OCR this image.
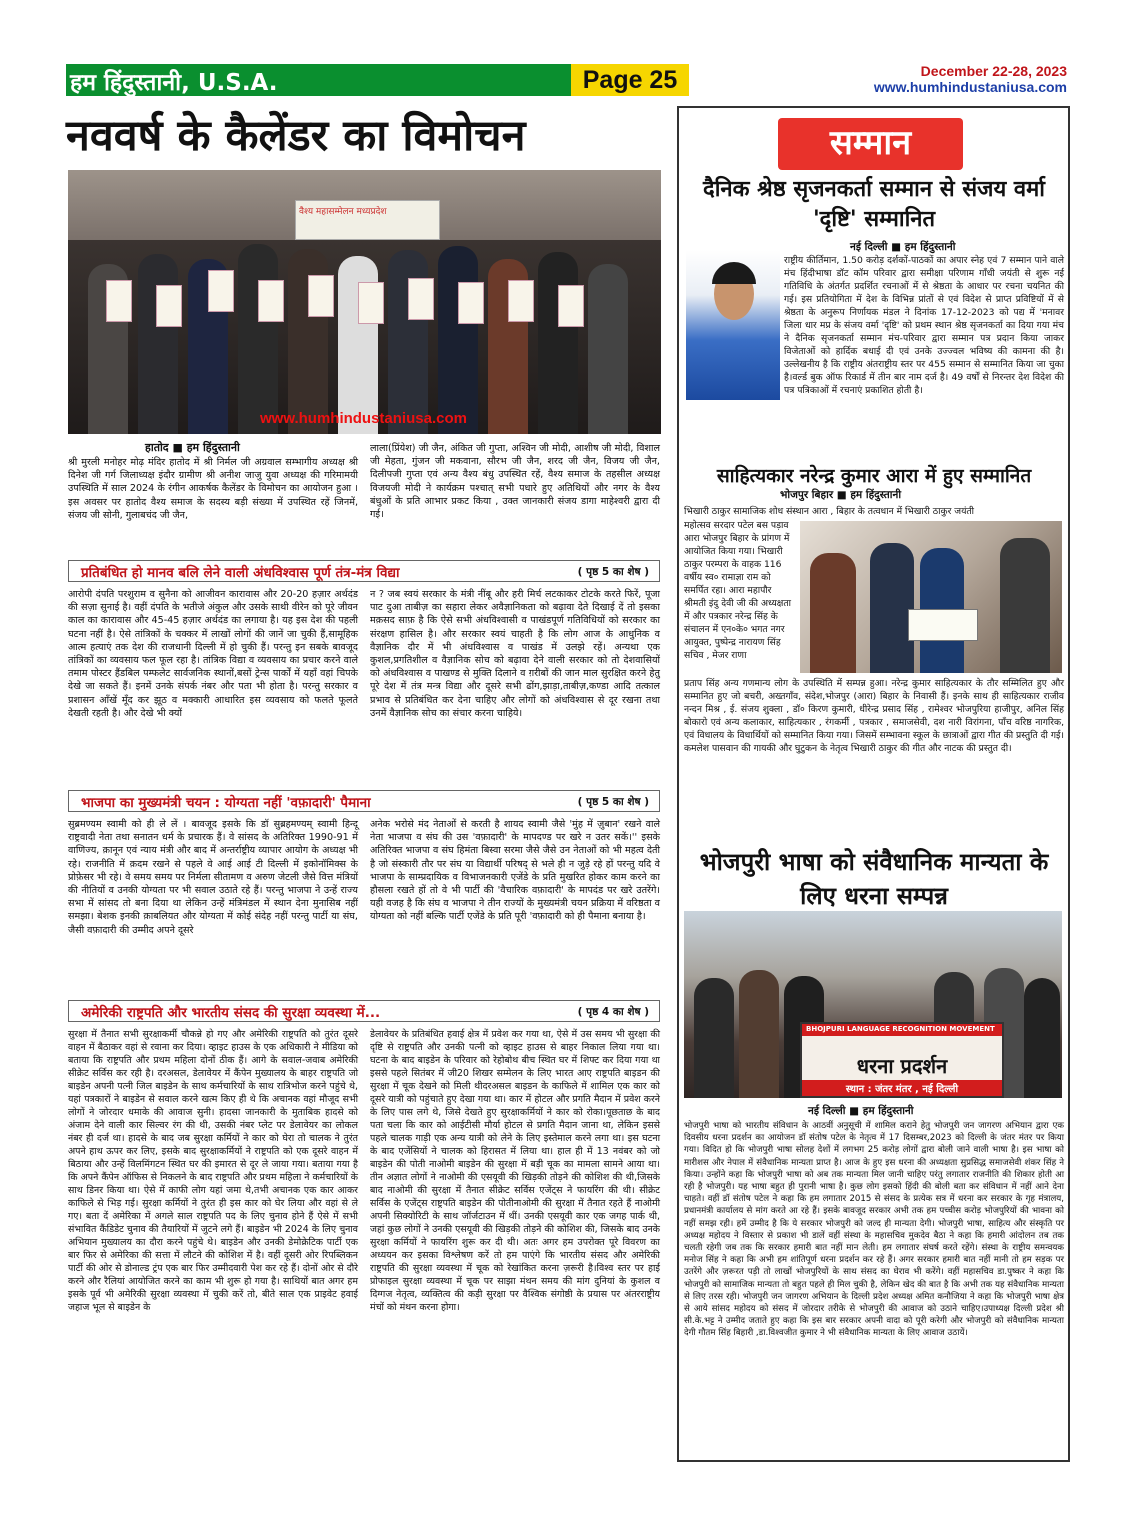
हम हिंदुस्तानी, U.S.A.	Page 25	December 22-28, 2023
www.humhindustaniusa.com
नववर्ष के कैलेंडर का विमोचन
वैश्य महासम्मेलन मध्यप्रदेश
www.humhindustaniusa.com
हातोद ■ हम हिंदुस्तानी
श्री मुरली मनोहर मोढ़ मंदिर हातोद में श्री निर्मल जी अग्रवाल सम्भागीय अध्यक्ष श्री दिनेश जी गर्ग जिलाध्यक्ष इंदौर ग्रामीण श्री अनीश जाजु युवा अध्यक्ष की गरिमामयी उपस्थिति में साल 2024 के रंगीन आकर्षक कैलेंडर के विमोचन का आयोजन हुआ । इस अवसर पर हातोद वैश्य समाज के सदस्य बड़ी संख्या में उपस्थित रहें जिनमें, संजय जी सोनी, गुलाबचंद जी जैन,
लाला(प्रिंयेश) जी जैन, अंकित जी गुप्ता, अश्विन जी मोदी, आशीष जी मोदी, विशाल जी मेहता, गुंजन जी मकवाना, सौरभ जी जैन, शरद जी जैन, विजय जी जैन, दिलीपजी गुप्ता एवं अन्य वैश्य बंधु उपस्थित रहें, वैश्य समाज के तहसील अध्यक्ष विजयजी मोदी ने कार्यक्रम पश्चात् सभी पधारे हुए अतिथियों और नगर के वैश्य बंधुओं के प्रति आभार प्रकट किया , उक्त जानकारी संजय डागा माहेश्वरी द्वारा दी गई।
प्रतिबंधित हो मानव बलि लेने वाली अंधविश्वास पूर्ण तंत्र-मंत्र विद्या	( पृष्ठ 5 का शेष )
आरोपी दंपति परशुराम व सुनैना को आजीवन कारावास और 20-20 हज़ार अर्थदंड की सज़ा सुनाई है। वहीं दंपति के भतीजे अंकुल और उसके साथी वीरेन को पूरे जीवन काल का कारावास और 45-45 हज़ार अर्थदंड का लगाया है। यह इस देश की पहली घटना नहीं है। ऐसे तांत्रिकों के चक्कर में लाखों लोगों की जानें जा चुकी हैं,सामूहिक आत्म हत्याएं तक देश की राजधानी दिल्ली में हो चुकी हैं। परन्तु इन सबके बावजूद तांत्रिकों का व्यवसाय फल फूल रहा है। तांत्रिक विद्या व व्यवसाय का प्रचार करने वाले तमाम पोस्टर हैंडबिल पम्फलेट सार्वजनिक स्थानों,बसों ट्रेन्स पार्कों में यहाँ वहां चिपके देखे जा सकते हैं। इनमें उनके संपर्क नंबर और पता भी होता है। परन्तु सरकार व प्रशासन आँखें मूँद कर झूठ व मक्कारी आधारित इस व्यवसाय को फलते फूलते देखती रहती है। और देखे भी क्यों
न ? जब स्वयं सरकार के मंत्री नींबू और हरी मिर्च लटकाकर टोटके करते फिरें, पूजा पाट दुआ ताबीज़ का सहारा लेकर अवैज्ञानिकता को बढ़ावा देते दिखाई दें तो इसका मक़सद साफ़ है कि ऐसे सभी अंधविश्वासी व पाखंडपूर्ण गतिविधियों को सरकार का संरक्षण हासिल है। और सरकार स्वयं चाहती है कि लोग आज के आधुनिक व वैज्ञानिक दौर में भी अंधविश्वास व पाखंड में उलझे रहें। अन्यथा एक कुशल,प्रगतिशील व वैज्ञानिक सोच को बढ़ावा देने वाली सरकार को तो देशवासियों को अंधविश्वास व पाखण्ड से मुक्ति दिलाने व ग़रीबों की जान माल सुरक्षित करने हेतु पूरे देश में तंत्र मन्त्र विद्या और दूसरे सभी ढोंग,झाड़ा,ताबीज़,कण्डा आदि तत्काल प्रभाव से प्रतिबंधित कर देना चाहिए और लोगों को अंधविश्वास से दूर रखना तथा उनमें वैज्ञानिक सोच का संचार करना चाहिये।
भाजपा का मुख्यमंत्री चयन : योग्यता नहीं 'वफ़ादारी' पैमाना	( पृष्ठ 5 का शेष )
सुब्रमण्यम स्वामी को ही ले लें । बावजूद इसके कि डॉ सुब्रहमण्यम् स्वामी हिन्दू राष्ट्रवादी नेता तथा सनातन धर्म के प्रचारक हैं। वे सांसद के अतिरिक्त 1990-91 में वाणिज्य, क़ानून एवं न्याय मंत्री और बाद में अन्तर्राष्ट्रीय व्यापार आयोग के अध्यक्ष भी रहे। राजनीति में क़दम रखने से पहले वे आई आई टी दिल्ली में इकोनॉमिक्स के प्रोफ़ेसर भी रहे। वे समय समय पर निर्मला सीतामण व अरुण जेटली जैसे वित्त मंत्रियों की नीतियों व उनकी योग्यता पर भी सवाल उठाते रहे हैं। परन्तु भाजपा ने उन्हें राज्य सभा में सांसद तो बना दिया था लेकिन उन्हें मंत्रिमंडल में स्थान देना मुनासिब नहीं समझा। बेशक इनकी क़ाबलियत और योग्यता में कोई संदेह नहीं परन्तु पार्टी या संघ, जैसी वफ़ादारी की उम्मीद अपने दूसरे
अनेक भरोसे मंद नेताओं से करती है शायद स्वामी जैसे 'मुंह में ज़ुबान' रखने वाले नेता भाजपा व संघ की उस 'वफ़ादारी' के मापदण्ड पर खरे न उतर सकें।'' इसके अतिरिक्त भाजपा व संघ हिमंता बिस्वा सरमा जैसे जैसे उन नेताओं को भी महत्व देती है जो संस्कारी तौर पर संघ या विद्यार्थी परिषद् से भले ही न जुड़े रहे हों परन्तु यदि वे भाजपा के साम्प्रदायिक व विभाजनकारी एजेंडे के प्रति मुखरित होकर काम करने का हौसला रखते हों तो वे भी पार्टी की 'वैचारिक वफ़ादारी' के मापदंड पर खरे उतरेंगे। यही वजह है कि संघ व भाजपा ने तीन राज्यों के मुख्यमंत्री चयन प्रक्रिया में वरिष्ठता व योग्यता को नहीं बल्कि पार्टी एजेंडे के प्रति पूरी 'वफ़ादारी को ही पैमाना बनाया है।
अमेरिकी राष्ट्रपति और भारतीय संसद की सुरक्षा व्यवस्था में...	( पृष्ठ 4 का शेष )
सुरक्षा में तैनात सभी सुरक्षाकर्मी चौकन्ने हो गए और अमेरिकी राष्ट्रपति को तुरंत दूसरे वाहन में बैठाकर वहां से रवाना कर दिया। व्हाइट हाउस के एक अधिकारी ने मीडिया को बताया कि राष्ट्रपति और प्रथम महिला दोनों ठीक हैं। आगे के सवाल-जवाब अमेरिकी सीक्रेट सर्विस कर रही है। दरअसल, डेलावेयर में कैंपेन मुख्यालय के बाहर राष्ट्रपति जो बाइडेन अपनी पत्नी जिल बाइडेन के साथ कर्मचारियों के साथ रात्रिभोज करने पहुंचे थे, यहां पत्रकारों ने बाइडेन से सवाल करने खत्म किए ही थे कि अचानक वहां मौजूद सभी लोगों ने जोरदार धमाके की आवाज सुनी। हादसा जानकारी के मुताबिक हादसे को अंजाम देने वाली कार सिल्वर रंग की थी, उसकी नंबर प्लेट पर डेलावेयर का लोकल नंबर ही दर्ज था। हादसे के बाद जब सुरक्षा कर्मियों ने कार को घेरा तो चालक ने तुरंत अपने हाथ ऊपर कर लिए, इसके बाद सुरक्षाकर्मियों ने राष्ट्रपति को एक दूसरे वाहन में बिठाया और उन्हें विलमिंगटन स्थित घर की इमारत से दूर ले जाया गया। बताया गया है कि अपने कैंपेन ऑफिस से निकलने के बाद राष्ट्रपति और प्रथम महिला ने कर्मचारियों के साथ डिनर किया था। ऐसे में काफी लोग यहां जमा थे,तभी अचानक एक कार आकर काफिले से भिड़ गई। सुरक्षा कर्मियों ने तुरंत ही इस कार को घेर लिया और वहां से ले गए। बता दें अमेरिका में अगले साल राष्ट्रपति पद के लिए चुनाव होने हैं ऐसे में सभी संभावित कैंडिडेट चुनाव की तैयारियों में जुटने लगे हैं। बाइडेन भी 2024 के लिए चुनाव अभियान मुख्यालय का दौरा करने पहुंचे थे। बाइडेन और उनकी डेमोक्रेटिक पार्टी एक बार फिर से अमेरिका की सत्ता में लौटने की कोशिश में है। वहीं दूसरी ओर रिपब्लिकन पार्टी की ओर से डोनाल्ड ट्रंप एक बार फिर उम्मीदवारी पेश कर रहे हैं। दोनों ओर से दौरे करने और रैलियां आयोजित करने का काम भी शुरू हो गया है। साथियों बात अगर हम इसके पूर्व भी अमेरिकी सुरक्षा व्यवस्था में चुकी करें तो, बीते साल एक प्राइवेट हवाई जहाज भूल से बाइडेन के
डेलावेयर के प्रतिबंधित हवाई क्षेत्र में प्रवेश कर गया था, ऐसे में उस समय भी सुरक्षा की दृष्टि से राष्ट्रपति और उनकी पत्नी को व्हाइट हाउस से बाहर निकाल लिया गया था। घटना के बाद बाइडेन के परिवार को रेहोबोथ बीच स्थित घर में शिफ्ट कर दिया गया था इससे पहले सितंबर में जी20 शिखर सम्मेलन के लिए भारत आए राष्ट्रपति बाइडन की सुरक्षा में चूक देखने को मिली थीदरअसल बाइडन के काफिले में शामिल एक कार को दूसरे यात्री को पहुंचाते हुए देखा गया था। कार में होटल और प्रगति मैदान में प्रवेश करने के लिए पास लगे थे, जिसे देखते हुए सुरक्षाकर्मियों ने कार को रोका।पूछताछ के बाद पता चला कि कार को आईटीसी मौर्या होटल से प्रगति मैदान जाना था, लेकिन इससे पहले चालक गाड़ी एक अन्य यात्री को लेने के लिए इस्तेमाल करने लगा था। इस घटना के बाद एजेंसियों ने चालक को हिरासत में लिया था। हाल ही में 13 नवंबर को जो बाइडेन की पोती नाओमी बाइडेन की सुरक्षा में बड़ी चूक का मामला सामने आया था। तीन अज्ञात लोगों ने नाओमी की एसयूवी की खिड़की तोड़ने की कोशिश की थी,जिसके बाद नाओमी की सुरक्षा में तैनात सीक्रेट सर्विस एजेंट्स ने फायरिंग की थी। सीक्रेट सर्विस के एजेंट्स राष्ट्रपति बाइडेन की पोतीनाओमी की सुरक्षा में तैनात रहते हैं नाओमी अपनी सिक्योरिटी के साथ जॉर्जटाउन में थीं। उनकी एसयूवी कार एक जगह पार्क थी, जहां कुछ लोगों ने उनकी एसयूवी की खिड़की तोड़ने की कोशिश की, जिसके बाद उनके सुरक्षा कर्मियों ने फायरिंग शुरू कर दी थी। अतः अगर हम उपरोक्त पूरे विवरण का अध्ययन कर इसका विश्लेषण करें तो हम पाएंगे कि भारतीय संसद और अमेरिकी राष्ट्रपति की सुरक्षा व्यवस्था में चूक को रेखांकित करना ज़रूरी है।विश्व स्तर पर हाई प्रोफाइल सुरक्षा व्यवस्था में चूक पर साझा मंथन समय की मांग दुनियां के कुशल व दिग्गज नेतृत्व, व्यक्तित्व की कड़ी सुरक्षा पर वैश्विक संगोष्ठी के प्रयास पर अंतरराष्ट्रीय मंचों को मंथन करना होगा।
सम्मान
दैनिक श्रेष्ठ सृजनकर्ता सम्मान से संजय वर्मा 'दृष्टि' सम्मानित
नई दिल्ली ■ हम हिंदुस्तानी
राष्ट्रीय कीर्तिमान, 1.50 करोड़ दर्शकों-पाठकों का अपार स्नेह एवं 7 सम्मान पाने वाले मंच हिंदीभाषा डॉट कॉम परिवार द्वारा समीक्षा परिणाम गाँधी जयंती से शुरू नई गतिविधि के अंतर्गत प्रदर्शित रचनाओं में से श्रेष्ठता के आधार पर रचना चयनित की गई। इस प्रतियोगिता में देश के विभिन्न प्रांतों से एवं विदेश से प्राप्त प्रविष्टियों में से श्रेष्ठता के अनुरूप निर्णायक मंडल ने दिनांक 17-12-2023 को पद्य में 'मनावर जिला धार मप्र के संजय वर्मा 'दृष्टि' को प्रथम स्थान श्रेष्ठ सृजनकर्ता का दिया गया मंच ने दैनिक सृजनकर्ता सम्मान मंच-परिवार द्वारा सम्मान पत्र प्रदान किया जाकर विजेताओं को हार्दिक बधाई दी एवं उनके उज्ज्वल भविष्य की कामना की है।उल्लेखनीय है कि राष्ट्रीय अंतराष्ट्रीय स्तर पर 455 सम्मान से सम्मानित किया जा चुका है।वर्ल्ड बुक ऑफ रिकार्ड में तीन बार नाम दर्ज है। 49 वर्षों से निरन्तर देश विदेश की पत्र पत्रिकाओं में रचनाएं प्रकाशित होती है।
साहित्यकार नरेन्द्र कुमार आरा में हुए सम्मानित
भोजपुर बिहार ■ हम हिंदुस्तानी
भिखारी ठाकुर सामाजिक शोध संस्थान आरा , बिहार के तत्वधान में भिखारी ठाकुर जयंती
महोत्सव सरदार पटेल बस पड़ाव आरा भोजपुर बिहार के प्रांगण में आयोजित किया गया। भिखारी ठाकुर परम्परा के वाहक 116 वर्षीय स्व० रामाज्ञा राम को समर्पित रहा। आरा महापौर श्रीमती इंदु देवी जी की अध्यक्षता में और पत्रकार नरेन्द्र सिंह के संचालन में एन०के० भगत नगर आयुक्त, पुष्पेन्द्र नारायण सिंह सचिव , मेजर राणा
प्रताप सिंह अन्य गणमान्य लोग के उपस्थिति में सम्पन्न हुआ। नरेन्द्र कुमार साहित्यकार के तौर सम्मिलित हुए और सम्मानित हुए जो बचरी, अख्तगाँव, संदेश,भोजपुर (आरा) बिहार के निवासी हैं। इनके साथ ही साहित्यकार राजीव नन्दन मिश्र , ई. संजय शुक्ला , डॉ० किरण कुमारी, धीरेन्द्र प्रसाद सिंह , रामेश्वर भोजपुरिया हाजीपुर, अनिल सिंह बोकारो एवं अन्य कलाकार, साहित्यकार , रंगकर्मी , पत्रकार , समाजसेवी, दश नारी विरांगना, पाँच वरिष्ठ नागरिक, एवं विधालय के विधार्थियों को सम्मानित किया गया। जिसमें सम्भावना स्कूल के छात्राओं द्वारा गीत की प्रस्तुति दी गई। कमलेश पासवान की गायकी और घुटुकन के नेतृत्व भिखारी ठाकुर की गीत और नाटक की प्रस्तुत दी।
भोजपुरी भाषा को संवैधानिक मान्यता के लिए धरना सम्पन्न
BHOJPURI LANGUAGE RECOGNITION MOVEMENT
धरना प्रदर्शन
स्थान : जंतर मंतर , नई दिल्ली
नई दिल्ली ■ हम हिंदुस्तानी
भोजपुरी भाषा को भारतीय संविधान के आठवीं अनुसूची में शामिल कराने हेतु भोजपुरी जन जागरण अभियान द्वारा एक दिवसीय धरना प्रदर्शन का आयोजन डॉ संतोष पटेल के नेतृत्व में 17 दिसम्बर,2023 को दिल्ली के जंतर मंतर पर किया गया। विदित हो कि भोजपुरी भाषा सोलह देशों में लगभग 25 करोड़ लोगों द्वारा बोली जाने वाली भाषा है। इस भाषा को मारीशस और नेपाल में संवैधानिक मान्यता प्राप्त है। आज के हुए इस धरना की अध्यक्षता सुप्रसिद्ध समाजसेवी शंकर सिंह ने किया। उन्होंने कहा कि भोजपुरी भाषा को अब तक मान्यता मिल जानी चाहिए परंतु लगातार राजनीति की शिकार होती आ रही है भोजपुरी। यह भाषा बहुत ही पुरानी भाषा है। कुछ लोग इसको हिंदी की बोली बता कर संविधान में नहीं आने देना चाहते। वहीं डॉ संतोष पटेल ने कहा कि हम लगातार 2015 से संसद के प्रत्येक सत्र में धरना कर सरकार के गृह मंत्रालय, प्रधानमंत्री कार्यालय से मांग करते आ रहे हैं। इसके बावजूद सरकार अभी तक हम पच्चीस करोड़ भोजपुरियों की भावना को नहीं समझ रही। हमें उम्मीद है कि ये सरकार भोजपुरी को जल्द ही मान्यता देगी। भोजपुरी भाषा, साहित्य और संस्कृति पर अध्यक्ष महोदय ने विस्तार से प्रकाश भी डालें वहीं संस्था के महासचिव मुकदेव बैठा ने कहा कि हमारी आंदोलन तब तक चलती रहेगी जब तक कि सरकार हमारी बात नहीं मान लेती। हम लगातार संघर्ष करते रहेंगे। संस्था के राष्ट्रीय समन्वयक मनोज सिंह ने कहा कि अभी हम शांतिपूर्ण धरना प्रदर्शन कर रहे हैं। अगर सरकार हमारी बात नहीं मानी तो हम सड़क पर उतरेंगे और ज़रूरत पड़ी तो लाखों भोजपुरियों के साथ संसद का घेराव भी करेंगे। वहीं महासचिव डा.पुष्कर ने कहा कि भोजपुरी को सामाजिक मान्यता तो बहुत पहले ही मिल चुकी है, लेकिन खेद की बात है कि अभी तक यह संवैधानिक मान्यता से लिए तरस रही। भोजपुरी जन जागरण अभियान के दिल्ली प्रदेश अध्यक्ष अमित कनौजिया ने कहा कि भोजपुरी भाषा क्षेत्र से आये सांसद महोदय को संसद में जोरदार तरीके से भोजपुरी की आवाज को उठाने चाहिए।उपाध्यक्ष दिल्ली प्रदेश श्री सी.के.भट्ट ने उम्मीद जताते हुए कहा कि इस बार सरकार अपनी वादा को पूरी करेगी और भोजपुरी को संवैधानिक मान्यता देगी गौतम सिंह बिहारी ,डा.विश्वजीत कुमार ने भी संवैधानिक मान्यता के लिए आवाज उठायें।
